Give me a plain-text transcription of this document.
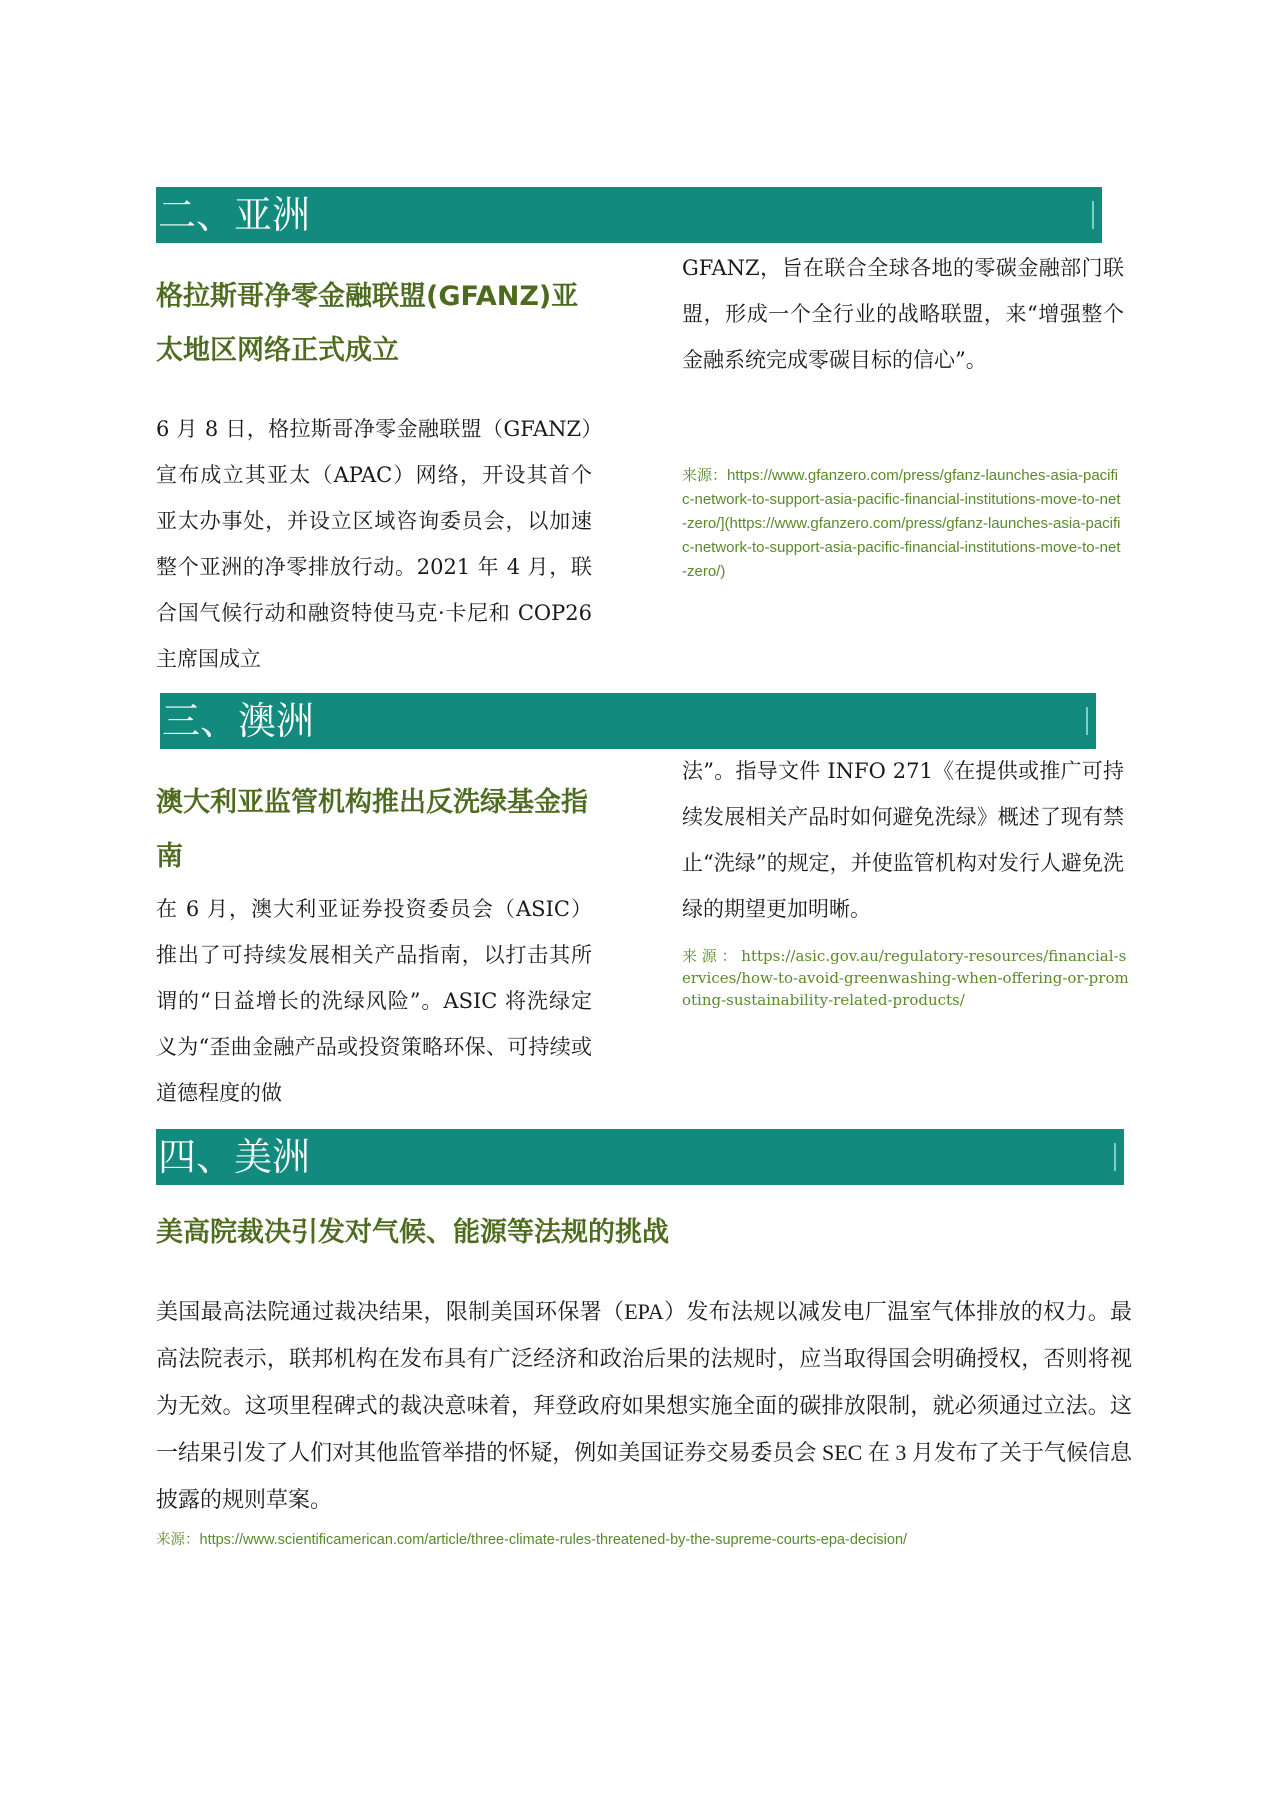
二、亚洲
格拉斯哥净零金融联盟(GFANZ)亚太地区网络正式成立

6 月 8 日，格拉斯哥净零金融联盟（GFANZ）宣布成立其亚太（APAC）网络，开设其首个亚太办事处，并设立区域咨询委员会，以加速整个亚洲的净零排放行动。2021 年 4 月，联合国气候行动和融资特使马克·卡尼和 COP26 主席国成立

GFANZ，旨在联合全球各地的零碳金融部门联盟，形成一个全行业的战略联盟，来“增强整个金融系统完成零碳目标的信心”。

来源：https://www.gfanzero.com/press/gfanz-launches-asia-pacific-network-to-support-asia-pacific-financial-institutions-move-to-net-zero/](https://www.gfanzero.com/press/gfanz-launches-asia-pacific-network-to-support-asia-pacific-financial-institutions-move-to-net-zero/)

三、澳洲
澳大利亚监管机构推出反洗绿基金指南

在 6 月，澳大利亚证券投资委员会（ASIC）推出了可持续发展相关产品指南，以打击其所谓的“日益增长的洗绿风险”。ASIC 将洗绿定义为“歪曲金融产品或投资策略环保、可持续或道德程度的做

法”。指导文件 INFO 271《在提供或推广可持续发展相关产品时如何避免洗绿》概述了现有禁止“洗绿”的规定，并使监管机构对发行人避免洗绿的期望更加明晰。

来 源 ： https://asic.gov.au/regulatory-resources/financial-services/how-to-avoid-greenwashing-when-offering-or-promoting-sustainability-related-products/

四、美洲
美高院裁决引发对气候、能源等法规的挑战

美国最高法院通过裁决结果，限制美国环保署（EPA）发布法规以减发电厂温室气体排放的权力。最高法院表示，联邦机构在发布具有广泛经济和政治后果的法规时，应当取得国会明确授权，否则将视为无效。这项里程碑式的裁决意味着，拜登政府如果想实施全面的碳排放限制，就必须通过立法。这一结果引发了人们对其他监管举措的怀疑，例如美国证券交易委员会 SEC 在 3 月发布了关于气候信息披露的规则草案。

来源：https://www.scientificamerican.com/article/three-climate-rules-threatened-by-the-supreme-courts-epa-decision/
